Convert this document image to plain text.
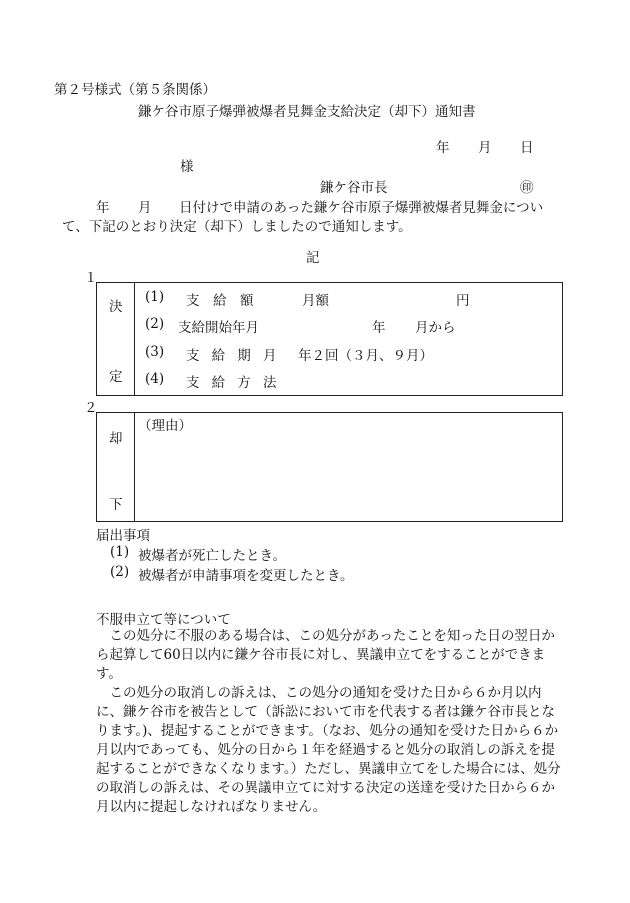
第２号様式（第５条関係）
鎌ケ谷市原子爆弾被爆者見舞金支給決定（却下）通知書
年 月 日
様
鎌ケ谷市長	㊞
年 月 日付けで申請のあった鎌ケ谷市原子爆弾被爆者見舞金につい
て、下記のとおり決定（却下）しましたので通知します。
記
１
決
定
(1) 支　給　額	月額	円
(2) 支給開始年月	年 月から
(3) 支給期月 年２回（３月、９月）
(4) 支給方法
２
却
下
（理由）
届出事項
(1) 被爆者が死亡したとき。
(2) 被爆者が申請事項を変更したとき。
不服申立て等について
この処分に不服のある場合は、この処分があったことを知った日の翌日から起算して60日以内に鎌ケ谷市長に対し、異議申立てをすることができます。
この処分の取消しの訴えは、この処分の通知を受けた日から６か月以内に、鎌ケ谷市を被告として（訴訟において市を代表する者は鎌ケ谷市長となります。)、提起することができます。（なお、処分の通知を受けた日から６か月以内であっても、処分の日から１年を経過すると処分の取消しの訴えを提起することができなくなります。）ただし、異議申立てをした場合には、処分の取消しの訴えは、その異議申立てに対する決定の送達を受けた日から６か月以内に提起しなければなりません。
